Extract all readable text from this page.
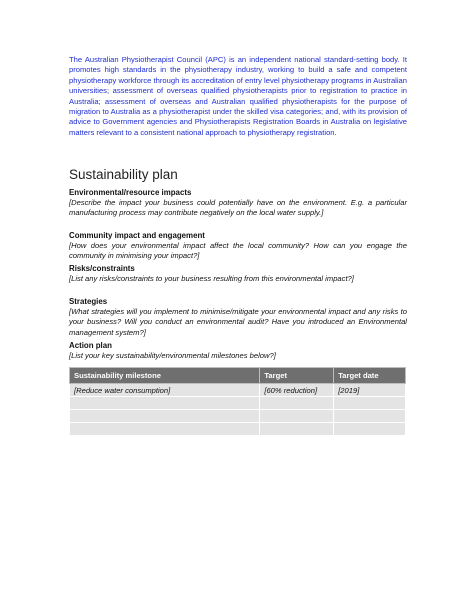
The Australian Physiotherapist Council (APC) is an independent national standard-setting body. It promotes high standards in the physiotherapy industry, working to build a safe and competent physiotherapy workforce through its accreditation of entry level physiotherapy programs in Australian universities; assessment of overseas qualified physiotherapists prior to registration to practice in Australia; assessment of overseas and Australian qualified physiotherapists for the purpose of migration to Australia as a physiotherapist under the skilled visa categories; and, with its provision of advice to Government agencies and Physiotherapists Registration Boards in Australia on legislative matters relevant to a consistent national approach to physiotherapy registration.

Sustainability plan

Environmental/resource impacts

[Describe the impact your business could potentially have on the environment. E.g. a particular manufacturing process may contribute negatively on the local water supply.]

Community impact and engagement

[How does your environmental impact affect the local community? How can you engage the community in minimising your impact?]

Risks/constraints

[List any risks/constraints to your business resulting from this environmental impact?]

Strategies

[What strategies will you implement to minimise/mitigate your environmental impact and any risks to your business? Will you conduct an environmental audit? Have you introduced an Environmental management system?]

Action plan

[List your key sustainability/environmental milestones below?]

Sustainability milestone	Target	Target date
[Reduce water consumption]	[60% reduction]	[2019]
